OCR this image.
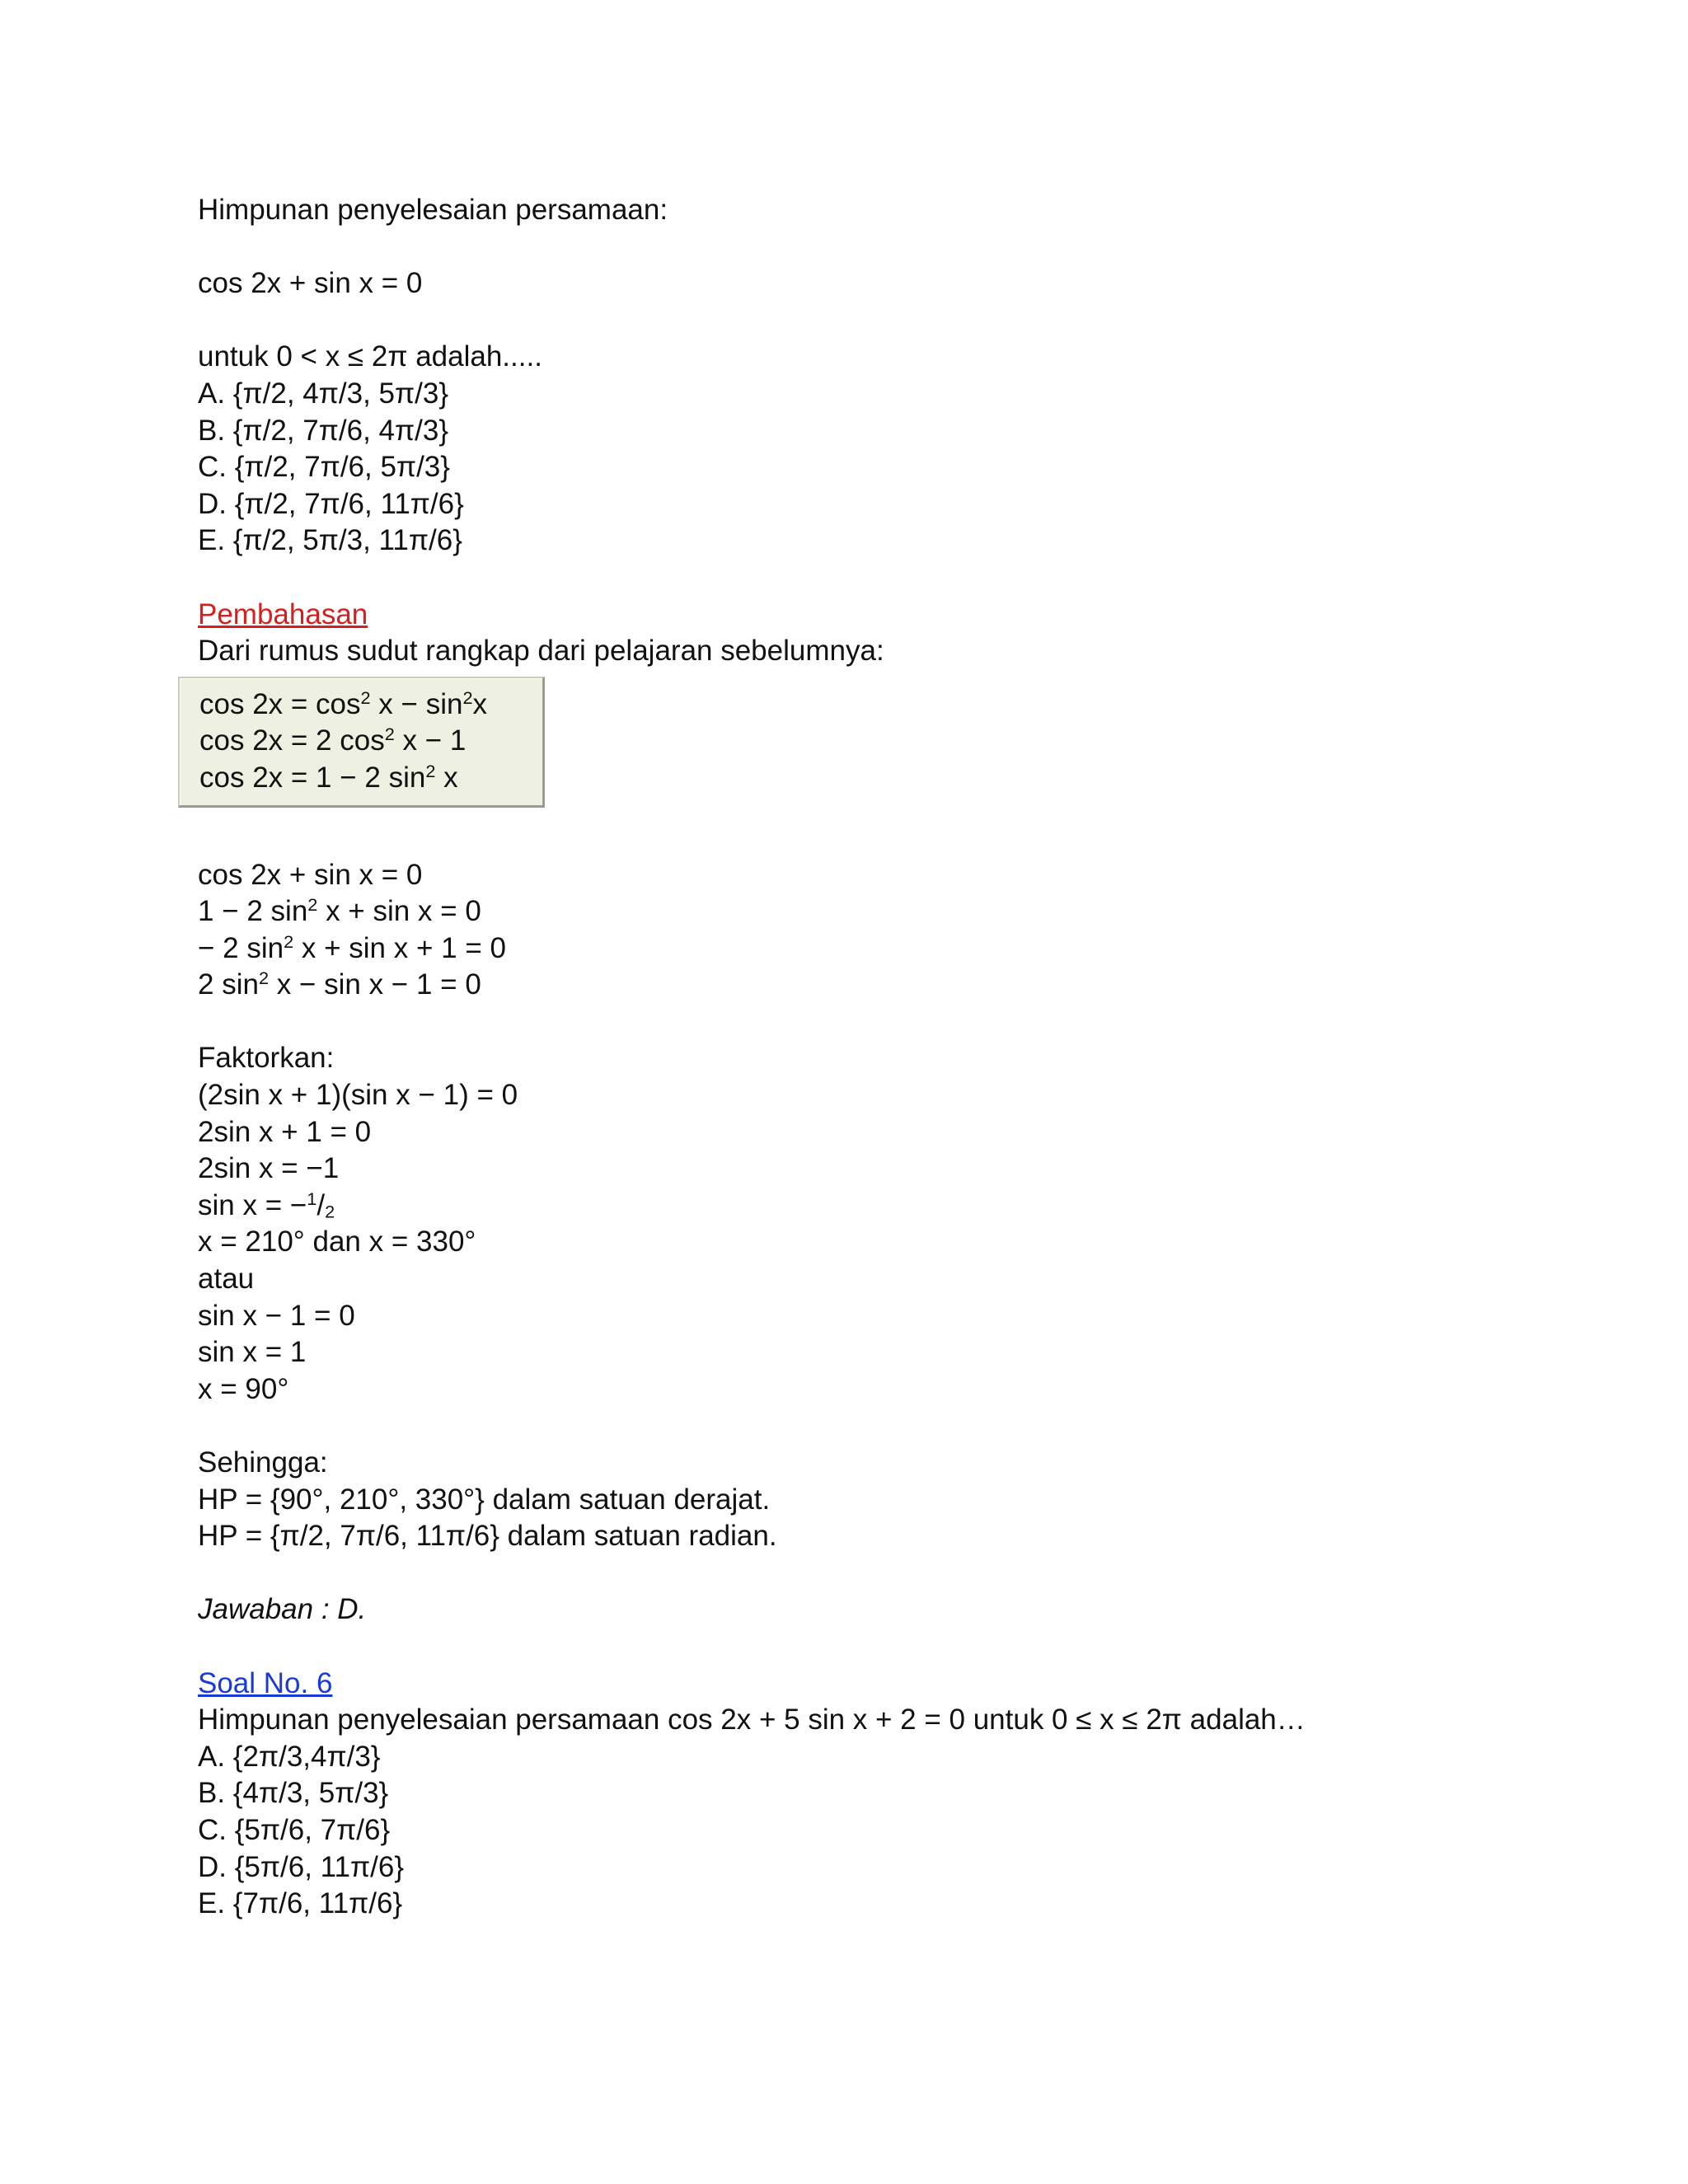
Himpunan penyelesaian persamaan:
cos 2x + sin x = 0
untuk 0 < x ≤ 2π adalah.....
A. {π/2, 4π/3, 5π/3}
B. {π/2, 7π/6, 4π/3}
C. {π/2, 7π/6, 5π/3}
D. {π/2, 7π/6, 11π/6}
E. {π/2, 5π/3, 11π/6}
Pembahasan
Dari rumus sudut rangkap dari pelajaran sebelumnya:
$\cos 2x = \cos^2 x - \sin^2x$
cos 2x = 2 $\cos^2 x - 1$
cos 2x = 1 − 2 $\sin^2 x$
cos 2x + sin x = 0
1 − 2 $\sin^2 x + \sin x = 0$
− 2 $\sin^2 x + \sin x + 1 = 0$
2 $\sin^2 x - \sin x - 1 = 0$
Faktorkan:
(2sin x + 1)(sin x − 1) = 0
2sin x + 1 = 0
2sin x = −1
$\sin x = -^1/_2$
x = 210° dan x = 330°
atau
sin x − 1 = 0
sin x = 1
x = 90°
Sehingga:
HP = {90°, 210°, 330°} dalam satuan derajat.
HP = {π/2, 7π/6, 11π/6} dalam satuan radian.
Jawaban : D.
Soal No. 6
Himpunan penyelesaian persamaan cos 2x + 5 sin x + 2 = 0 untuk 0 ≤ x ≤ 2π adalah…
A. {2π/3,4π/3}
B. {4π/3, 5π/3}
C. {5π/6, 7π/6}
D. {5π/6, 11π/6}
E. {7π/6, 11π/6}
